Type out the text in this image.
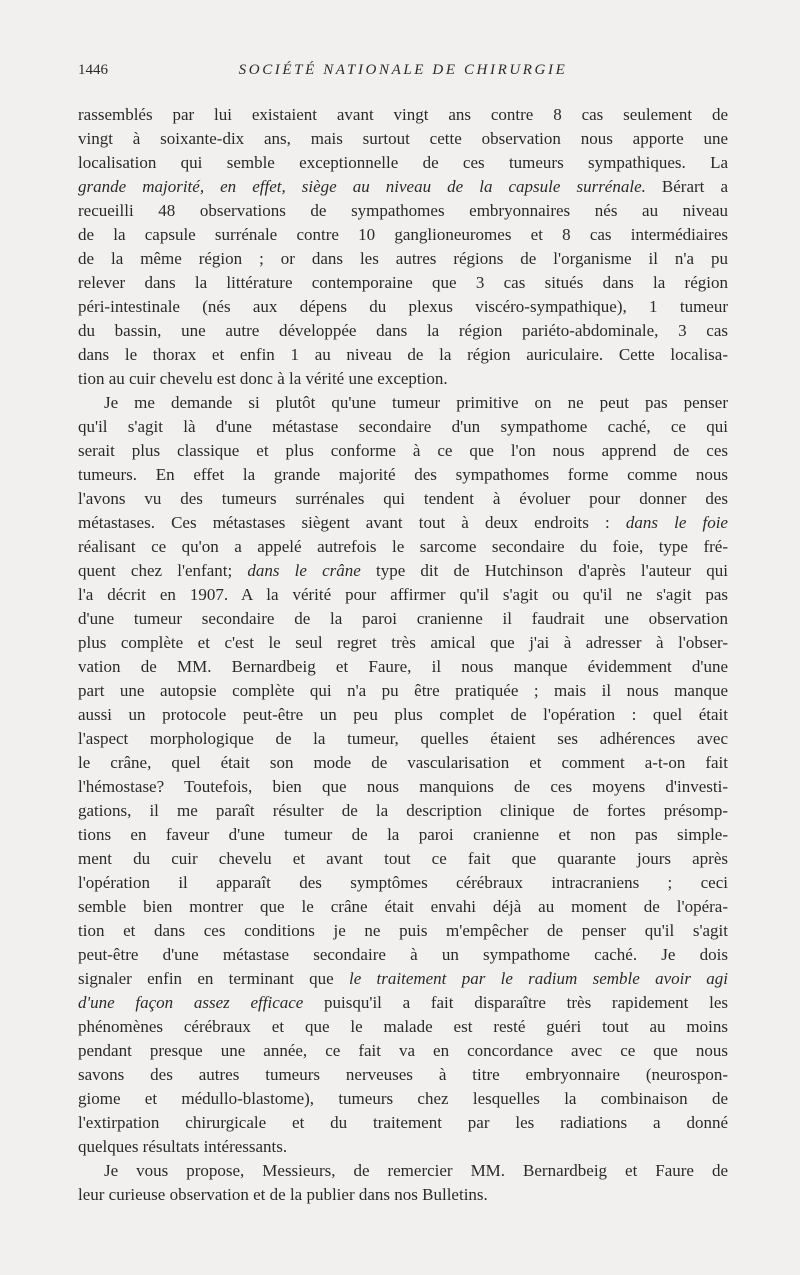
1446	SOCIÉTÉ NATIONALE DE CHIRURGIE
rassemblés par lui existaient avant vingt ans contre 8 cas seulement de
vingt à soixante-dix ans, mais surtout cette observation nous apporte une
localisation qui semble exceptionnelle de ces tumeurs sympathiques. La
grande majorité, en effet, siège au niveau de la capsule surrénale. Bérart a
recueilli 48 observations de sympathomes embryonnaires nés au niveau
de la capsule surrénale contre 10 ganglioneuromes et 8 cas intermédiaires
de la même région ; or dans les autres régions de l'organisme il n'a pu
relever dans la littérature contemporaine que 3 cas situés dans la région
péri-intestinale (nés aux dépens du plexus viscéro-sympathique), 1 tumeur
du bassin, une autre développée dans la région pariéto-abdominale, 3 cas
dans le thorax et enfin 1 au niveau de la région auriculaire. Cette localisa-
tion au cuir chevelu est donc à la vérité une exception.
Je me demande si plutôt qu'une tumeur primitive on ne peut pas penser
qu'il s'agit là d'une métastase secondaire d'un sympathome caché, ce qui
serait plus classique et plus conforme à ce que l'on nous apprend de ces
tumeurs. En effet la grande majorité des sympathomes forme comme nous
l'avons vu des tumeurs surrénales qui tendent à évoluer pour donner des
métastases. Ces métastases siègent avant tout à deux endroits : dans le foie
réalisant ce qu'on a appelé autrefois le sarcome secondaire du foie, type fré-
quent chez l'enfant; dans le crâne type dit de Hutchinson d'après l'auteur qui
l'a décrit en 1907. A la vérité pour affirmer qu'il s'agit ou qu'il ne s'agit pas
d'une tumeur secondaire de la paroi cranienne il faudrait une observation
plus complète et c'est le seul regret très amical que j'ai à adresser à l'obser-
vation de MM. Bernardbeig et Faure, il nous manque évidemment d'une
part une autopsie complète qui n'a pu être pratiquée ; mais il nous manque
aussi un protocole peut-être un peu plus complet de l'opération : quel était
l'aspect morphologique de la tumeur, quelles étaient ses adhérences avec
le crâne, quel était son mode de vascularisation et comment a-t-on fait
l'hémostase? Toutefois, bien que nous manquions de ces moyens d'investi-
gations, il me paraît résulter de la description clinique de fortes présomp-
tions en faveur d'une tumeur de la paroi cranienne et non pas simple-
ment du cuir chevelu et avant tout ce fait que quarante jours après
l'opération il apparaît des symptômes cérébraux intracraniens ; ceci
semble bien montrer que le crâne était envahi déjà au moment de l'opéra-
tion et dans ces conditions je ne puis m'empêcher de penser qu'il s'agit
peut-être d'une métastase secondaire à un sympathome caché. Je dois
signaler enfin en terminant que le traitement par le radium semble avoir agi
d'une façon assez efficace puisqu'il a fait disparaître très rapidement les
phénomènes cérébraux et que le malade est resté guéri tout au moins
pendant presque une année, ce fait va en concordance avec ce que nous
savons des autres tumeurs nerveuses à titre embryonnaire (neurospon-
giome et médullo-blastome), tumeurs chez lesquelles la combinaison de
l'extirpation chirurgicale et du traitement par les radiations a donné
quelques résultats intéressants.
Je vous propose, Messieurs, de remercier MM. Bernardbeig et Faure de
leur curieuse observation et de la publier dans nos Bulletins.
